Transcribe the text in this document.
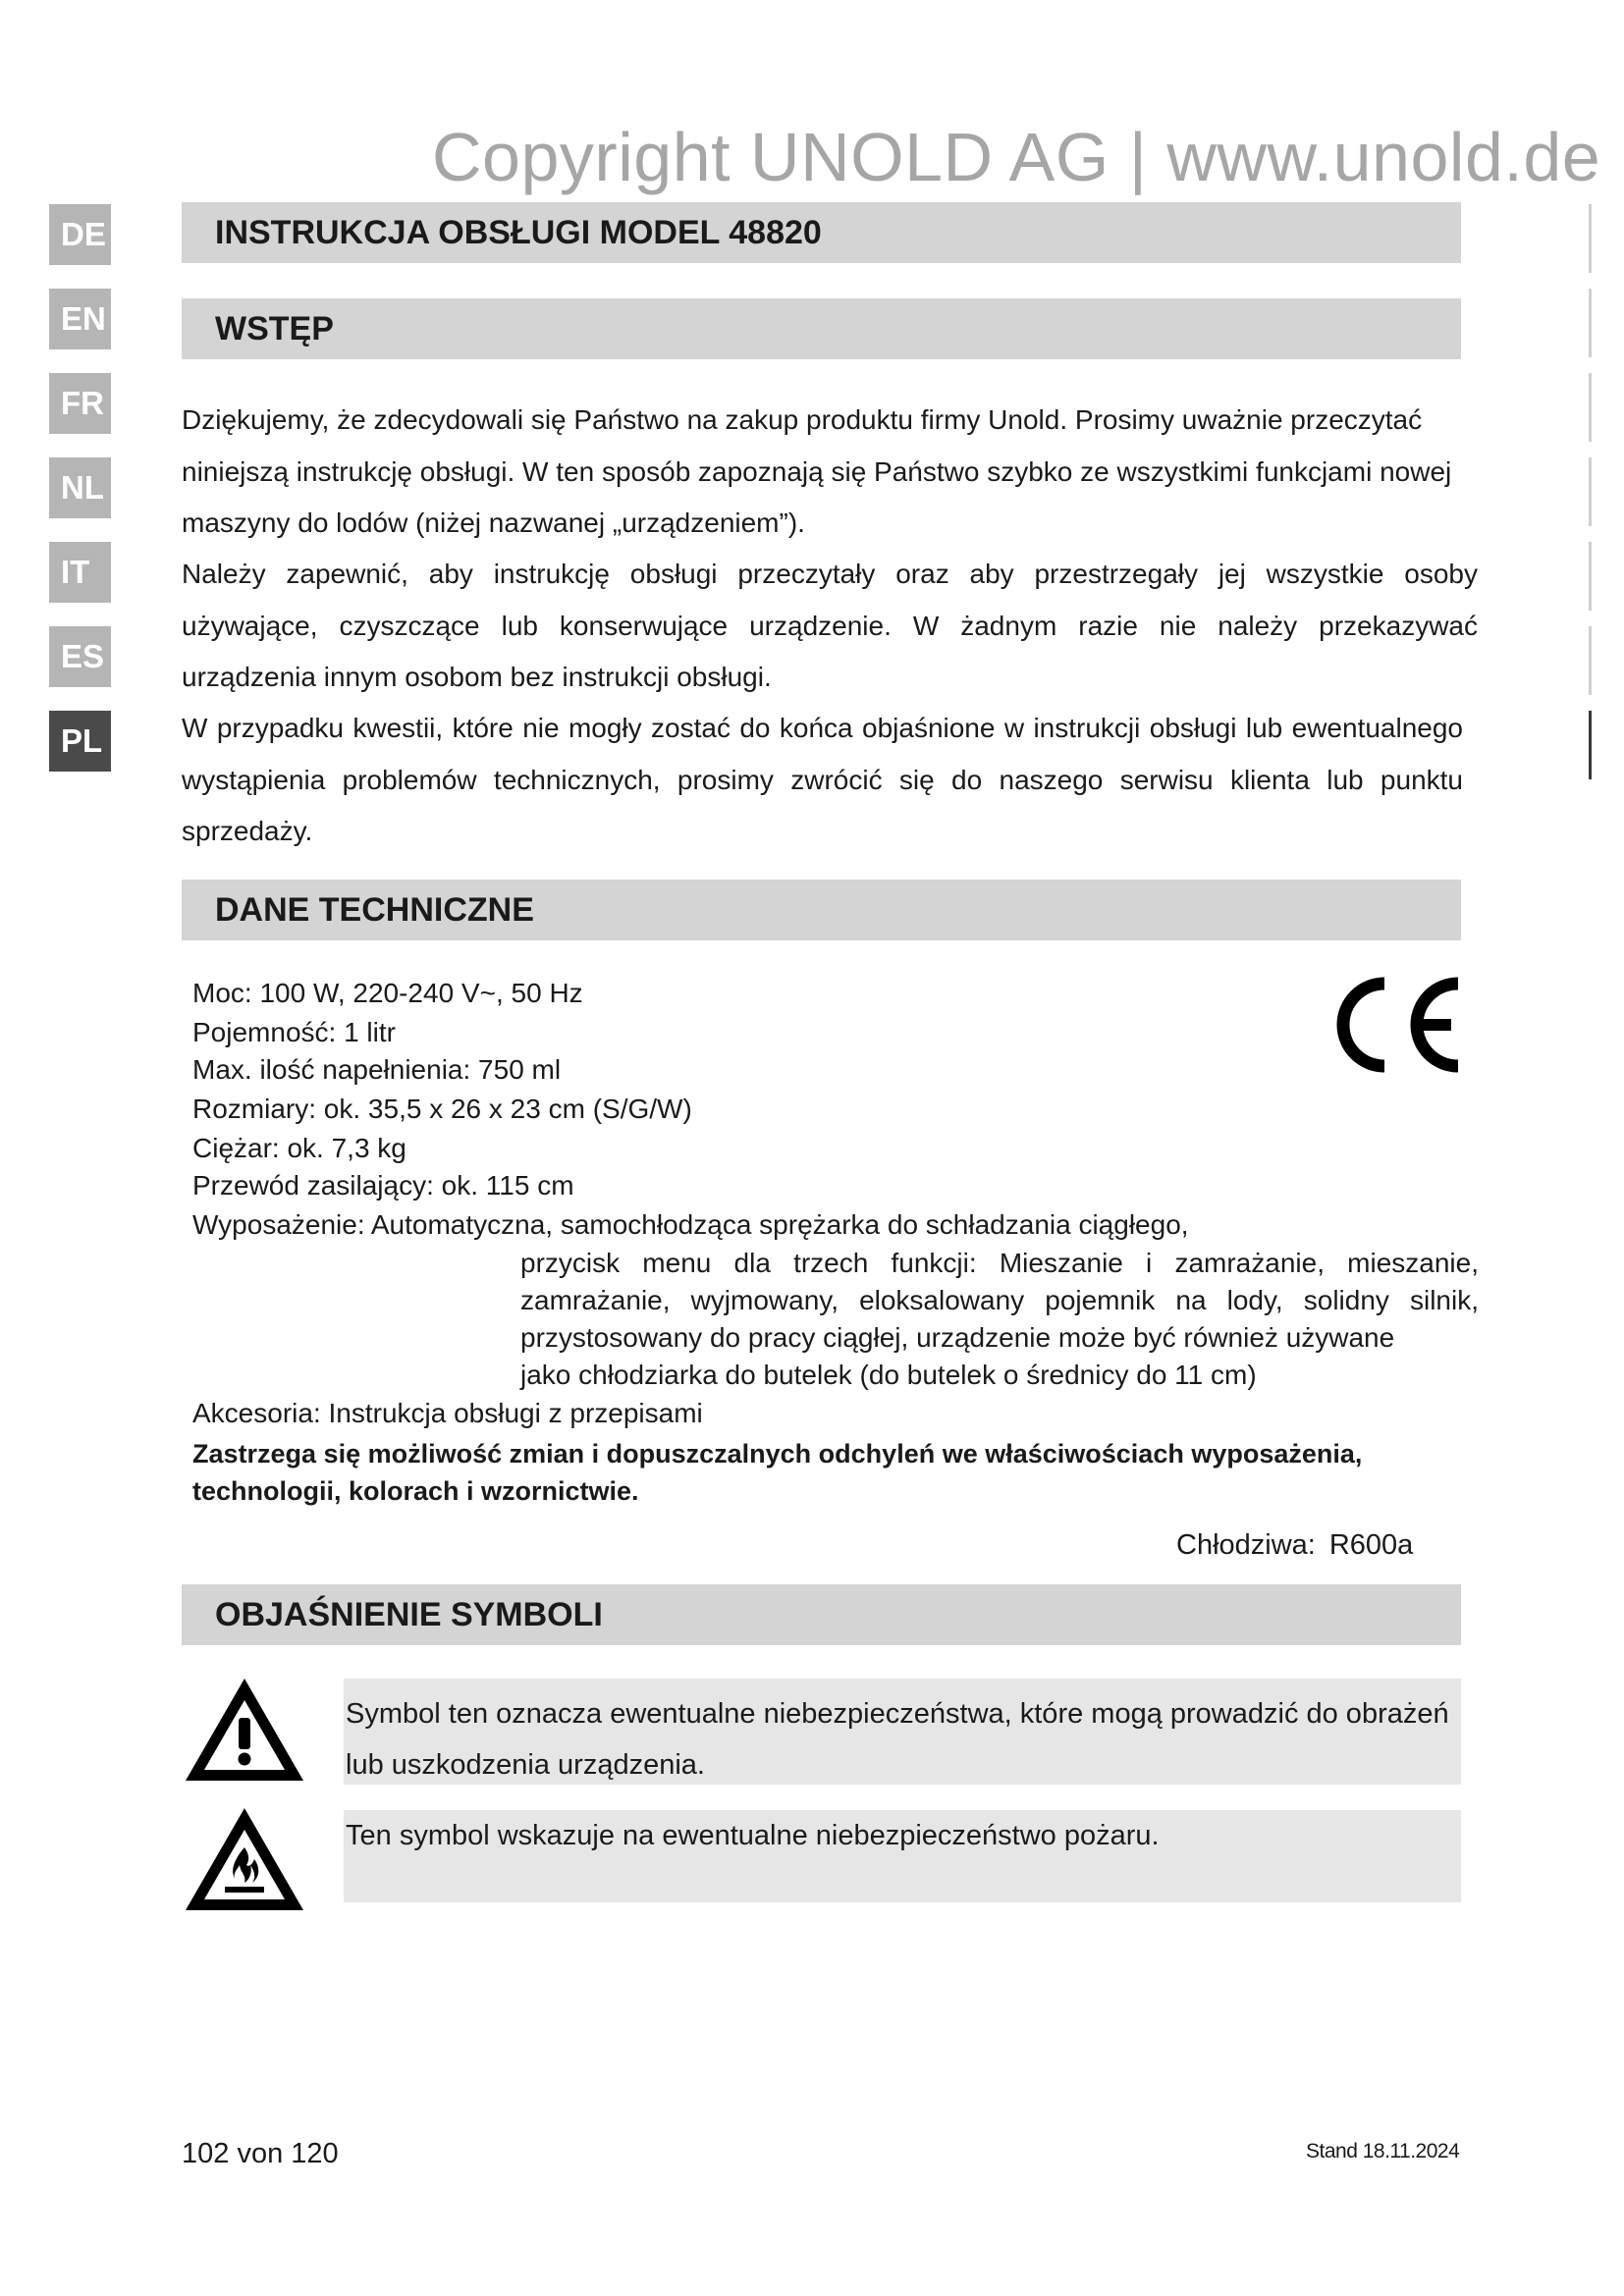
Copyright UNOLD AG | www.unold.de
DE
EN
FR
NL
IT
ES
PL
INSTRUKCJA OBSŁUGI MODEL 48820
WSTĘP

Dziękujemy, że zdecydowali się Państwo na zakup produktu firmy Unold. Prosimy uważnie przeczytać niniejszą instrukcję obsługi. W ten sposób zapoznają się Państwo szybko ze wszystkimi funkcjami nowej maszyny do lodów (niżej nazwanej „urządzeniem”).

Należy zapewnić, aby instrukcję obsługi przeczytały oraz aby przestrzegały jej wszystkie osoby używające, czyszczące lub konserwujące urządzenie. W żadnym razie nie należy przekazywać urządzenia innym osobom bez instrukcji obsługi.

W przypadku kwestii, które nie mogły zostać do końca objaśnione w instrukcji obsługi lub ewentualnego wystąpienia problemów technicznych, prosimy zwrócić się do naszego serwisu klienta lub punktu sprzedaży.

DANE TECHNICZNE
Moc: 100 W, 220-240 V~, 50 Hz
Pojemność: 1 litr
Max. ilość napełnienia: 750 ml
Rozmiary: ok. 35,5 x 26 x 23 cm (S/G/W)
Ciężar: ok. 7,3 kg
Przewód zasilający: ok. 115 cm
Wyposażenie: Automatyczna, samochłodząca sprężarka do schładzania ciągłego,
przycisk menu dla trzech funkcji: Mieszanie i zamrażanie, mieszanie, zamrażanie, wyjmowany, eloksalowany pojemnik na lody, solidny silnik, przystosowany do pracy ciągłej, urządzenie może być również używane
jako chłodziarka do butelek (do butelek o średnicy do 11 cm)
Akcesoria: Instrukcja obsługi z przepisami
Zastrzega się możliwość zmian i dopuszczalnych odchyleń we właściwościach wyposażenia, technologii, kolorach i wzornictwie.
Chłodziwa: R600a
OBJAŚNIENIE SYMBOLI
Symbol ten oznacza ewentualne niebezpieczeństwa, które mogą prowadzić do obrażeń lub uszkodzenia urządzenia.
Ten symbol wskazuje na ewentualne niebezpieczeństwo pożaru.
102 von 120	Stand 18.11.2024
